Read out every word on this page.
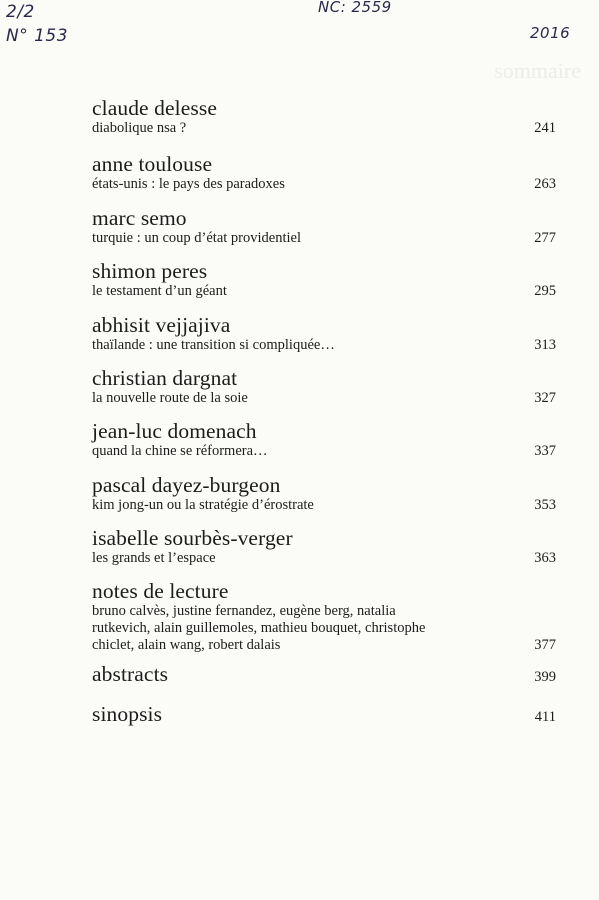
2/2
N° 153
NC: 2559
2016
sommaire
claude delesse
diabolique nsa ?	241
anne toulouse
états-unis : le pays des paradoxes	263
marc semo
turquie : un coup d’état providentiel	277
shimon peres
le testament d’un géant	295
abhisit vejjajiva
thaïlande : une transition si compliquée…	313
christian dargnat
la nouvelle route de la soie	327
jean-luc domenach
quand la chine se réformera…	337
pascal dayez-burgeon
kim jong-un ou la stratégie d’érostrate	353
isabelle sourbès-verger
les grands et l’espace	363
notes de lecture
bruno calvès, justine fernandez, eugène berg, natalia
rutkevich, alain guillemoles, mathieu bouquet, christophe
chiclet, alain wang, robert dalais	377
abstracts	399
sinopsis	411
